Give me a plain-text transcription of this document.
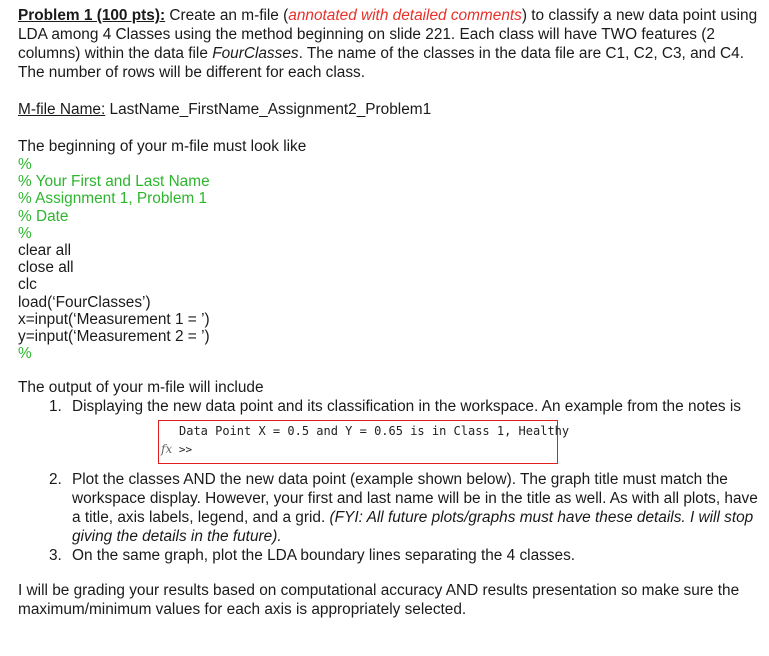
Problem 1 (100 pts): Create an m-file (annotated with detailed comments) to classify a new data point using LDA among 4 Classes using the method beginning on slide 221. Each class will have TWO features (2 columns) within the data file FourClasses. The name of the classes in the data file are C1, C2, C3, and C4. The number of rows will be different for each class.

M-file Name: LastName_FirstName_Assignment2_Problem1

The beginning of your m-file must look like

%
% Your First and Last Name
% Assignment 1, Problem 1
% Date
%
clear all
close all
clc
load(‘FourClasses’)
x=input(‘Measurement 1 = ’)
y=input(‘Measurement 2 = ’)
%

The output of your m-file will include

1. Displaying the new data point and its classification in the workspace. An example from the notes is
Data Point X = 0.5 and Y = 0.65 is in Class 1, Healthy
fx >>
2. Plot the classes AND the new data point (example shown below). The graph title must match the workspace display. However, your first and last name will be in the title as well. As with all plots, have a title, axis labels, legend, and a grid. (FYI: All future plots/graphs must have these details. I will stop giving the details in the future).
3. On the same graph, plot the LDA boundary lines separating the 4 classes.

I will be grading your results based on computational accuracy AND results presentation so make sure the maximum/minimum values for each axis is appropriately selected.
